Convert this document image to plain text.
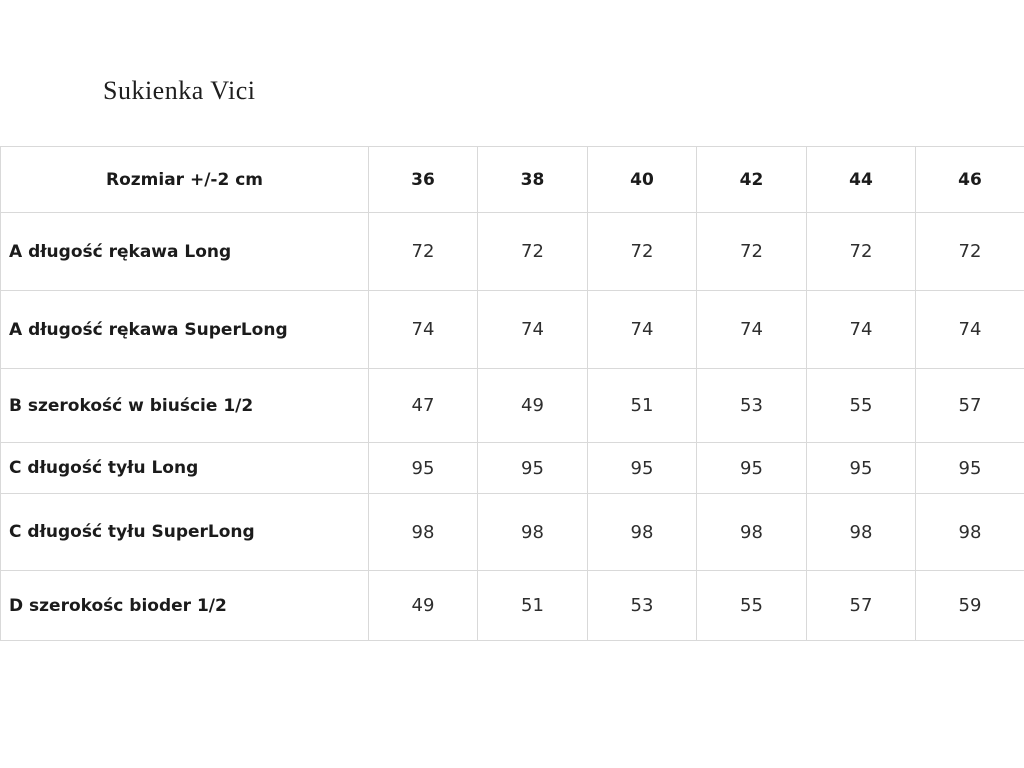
Sukienka Vici
Rozmiar +/-2 cm	36	38	40	42	44	46
A długość rękawa Long	72	72	72	72	72	72
A długość rękawa SuperLong	74	74	74	74	74	74
B szerokość w biuście 1/2	47	49	51	53	55	57
C długość tyłu Long	95	95	95	95	95	95
C długość tyłu SuperLong	98	98	98	98	98	98
D szerokośc bioder 1/2	49	51	53	55	57	59
